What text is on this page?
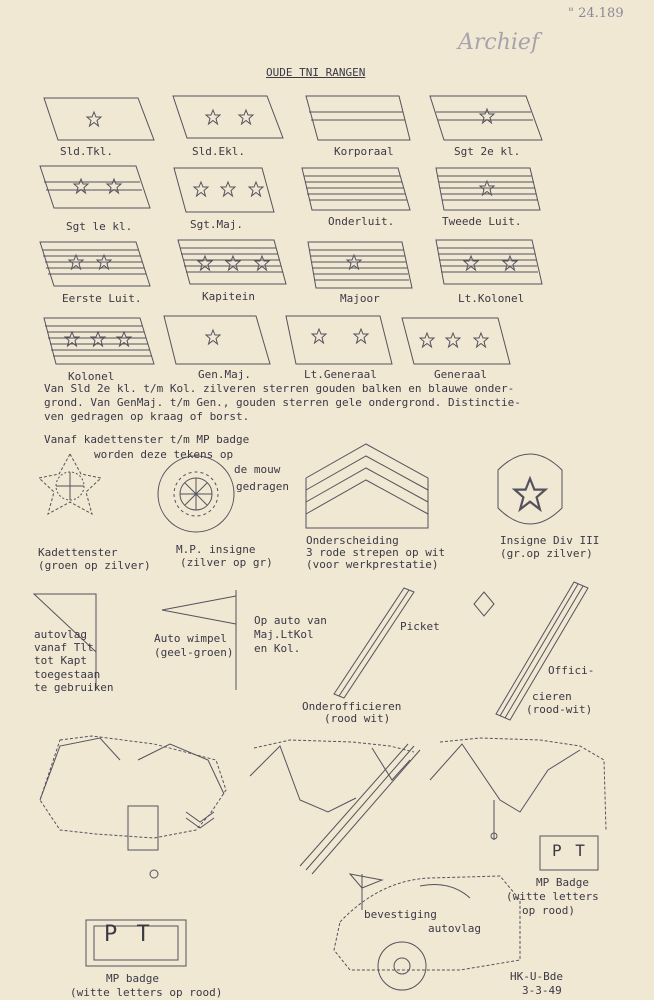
" 24.189
Archief
OUDE TNI RANGEN
Sld.Tkl.	Sld.Ekl.	Korporaal	Sgt 2e kl.
Sgt le kl.	Sgt.Maj.	Onderluit.	Tweede Luit.
Eerste Luit.	Kapitein	Majoor	Lt.Kolonel
Kolonel	Gen.Maj.	Lt.Generaal	Generaal
Van Sld 2e kl. t/m Kol. zilveren sterren gouden balken en blauwe onder-
grond. Van GenMaj. t/m Gen., gouden sterren gele ondergrond. Distinctie-
ven gedragen op kraag of borst.
Vanaf kadettenster t/m MP badge
worden deze tekens op
de mouw
gedragen
Kadettenster
(groen op zilver)
M.P. insigne
(zilver op gr)
Onderscheiding
3 rode strepen op wit
(voor werkprestatie)
Insigne Div III
(gr.op zilver)
autovlag
vanaf Tlt
tot Kapt
toegestaan
te gebruiken
Auto wimpel
(geel-groen)
Op auto van
Maj.LtKol
en Kol.
Picket
Onderofficieren
(rood wit)
Offici-
cieren
(rood-wit)
P T
MP Badge
(witte letters
op rood)
bevestiging
autovlag
P T
MP badge
(witte letters op rood)
HK-U-Bde
3-3-49
